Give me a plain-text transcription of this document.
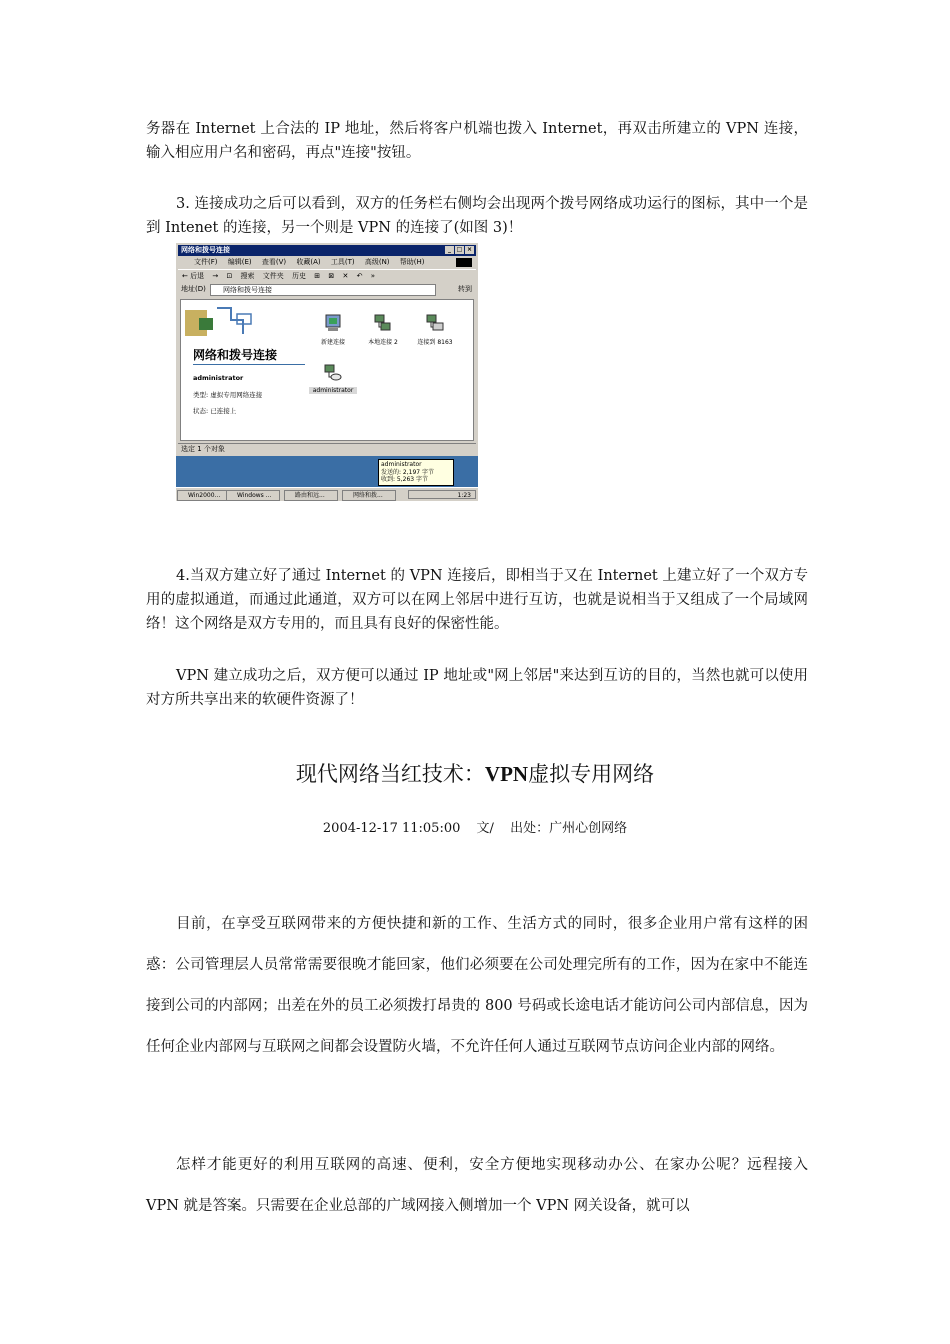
务器在 Internet 上合法的 IP 地址，然后将客户机端也拨入 Internet，再双击所建立的 VPN 连接，输入相应用户名和密码，再点"连接"按钮。

3. 连接成功之后可以看到，双方的任务栏右侧均会出现两个拨号网络成功运行的图标，其中一个是到 Intenet 的连接，另一个则是 VPN 的连接了(如图 3)！

网络和拨号连接	_ □ ×
文件(F) 编辑(E) 查看(V) 收藏(A) 工具(T) 高级(N) 帮助(H)
← 后退 → ⊡ 搜索 文件夹 历史 ⊞ ⊠ ✕ ↶ »
地址(D)	网络和拨号连接	转到
网络和拨号连接
administrator
类型: 虚拟专用网络连接
状态: 已连接上
新建连接	本地连接 2	连接到 8163
administrator
选定 1 个对象
administrator
发送的: 2,197 字节
收到: 5,263 字节
Win2000...	Windows ...	路由和远...	网络和拨...	1:23

4.当双方建立好了通过 Internet 的 VPN 连接后，即相当于又在 Internet 上建立好了一个双方专用的虚拟通道，而通过此通道，双方可以在网上邻居中进行互访，也就是说相当于又组成了一个局域网络！这个网络是双方专用的，而且具有良好的保密性能。

VPN 建立成功之后，双方便可以通过 IP 地址或"网上邻居"来达到互访的目的，当然也就可以使用对方所共享出来的软硬件资源了！

现代网络当红技术：VPN虚拟专用网络
2004-12-17 11:05:00 文/ 出处：广州心创网络

目前，在享受互联网带来的方便快捷和新的工作、生活方式的同时，很多企业用户常有这样的困惑：公司管理层人员常常需要很晚才能回家，他们必须要在公司处理完所有的工作，因为在家中不能连接到公司的内部网；出差在外的员工必须拨打昂贵的 800 号码或长途电话才能访问公司内部信息，因为任何企业内部网与互联网之间都会设置防火墙，不允许任何人通过互联网节点访问企业内部的网络。

怎样才能更好的利用互联网的高速、便利，安全方便地实现移动办公、在家办公呢？远程接入 VPN 就是答案。只需要在企业总部的广域网接入侧增加一个 VPN 网关设备，就可以
